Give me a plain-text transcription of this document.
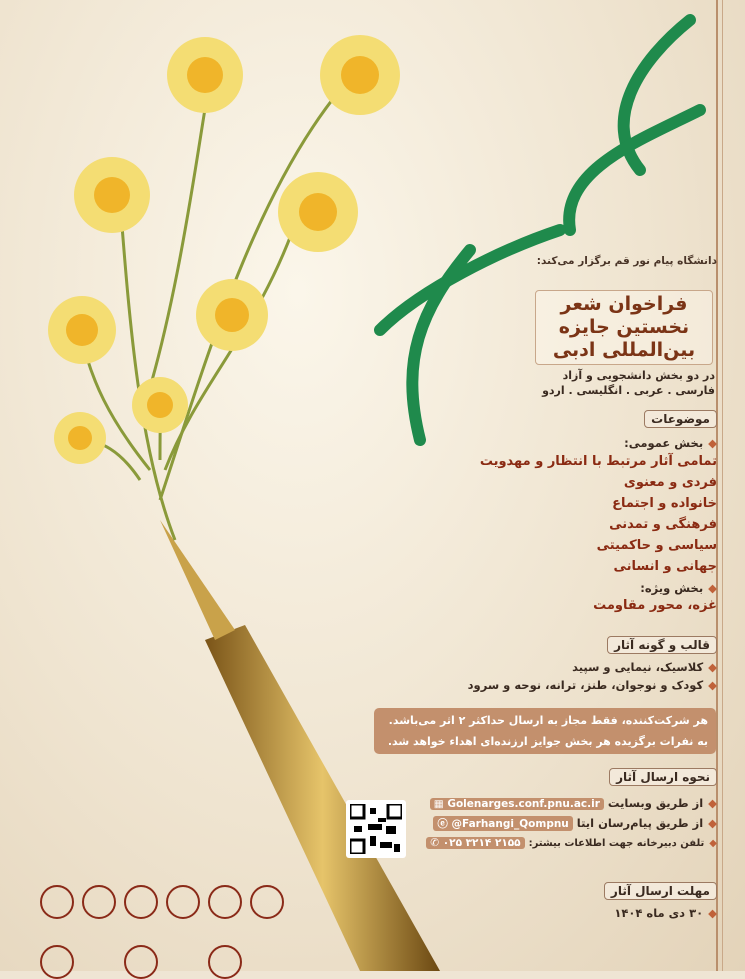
دانشگاه پیام نور قم برگزار می‌کند:
فراخوان شعر
نخستین جایزه
بین‌المللی ادبی
در دو بخش دانشجویی و آزاد
فارسی . عربی . انگلیسی . اردو
موضوعات
◆بخش عمومی:
تمامی آثار مرتبط با انتظار و مهدویت
فردی و معنوی
خانواده و اجتماع
فرهنگی و تمدنی
سیاسی و حاکمیتی
جهانی و انسانی
◆بخش ویژه:
غزه، محور مقاومت
قالب و گونه آثار
◆کلاسیک، نیمایی و سپید
◆کودک و نوجوان، طنز، ترانه، نوحه و سرود
هر شرکت‌کننده، فقط مجاز به ارسال حداکثر ۲ اثر می‌باشد.
به نفرات برگزیده هر بخش جوایز ارزنده‌ای اهداء خواهد شد.
نحوه ارسال آثار
◆از طریق وبسایت▦ Golenarges.conf.pnu.ac.ir
◆از طریق پیام‌رسان ایتاⓔ @Farhangi_Qompnu
◆تلفن دبیرخانه جهت اطلاعات بیشتر:✆ ۰۲۵ ۳۲۱۴ ۲۱۵۵
مهلت ارسال آثار
◆۳۰ دی ماه ۱۴۰۴
